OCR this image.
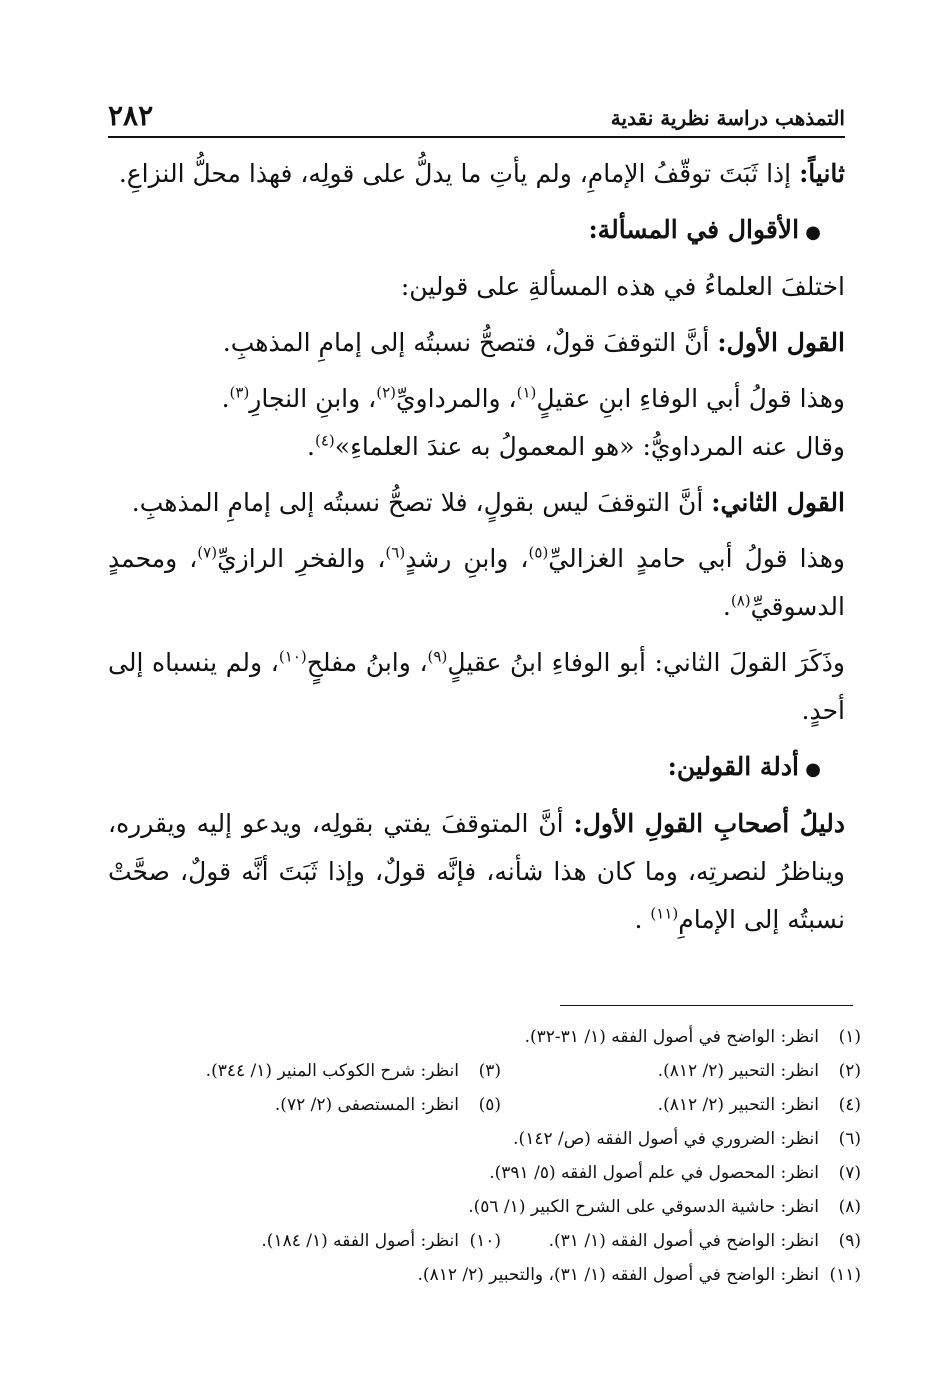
٢٨٢	التمذهب دراسة نظرية نقدية

ثانياً: إذا ثَبَتَ توقّفُ الإمامِ، ولم يأتِ ما يدلُّ على قولِه، فهذا محلُّ النزاعِ.

● الأقوال في المسألة:

اختلفَ العلماءُ في هذه المسألةِ على قولين:

القول الأول: أنَّ التوقفَ قولٌ، فتصحُّ نسبتُه إلى إمامِ المذهبِ.

وهذا قولُ أبي الوفاءِ ابنِ عقيلٍ$^{(١)}$، والمرداويِّ$^{(٢)}$، وابنِ النجارِ$^{(٣)}$.
وقال عنه المرداويُّ: «هو المعمولُ به عندَ العلماءِ»$^{(٤)}$.

القول الثاني: أنَّ التوقفَ ليس بقولٍ، فلا تصحُّ نسبتُه إلى إمامِ المذهبِ.

وهذا قولُ أبي حامدٍ الغزاليِّ$^{(٥)}$، وابنِ رشدٍ$^{(٦)}$، والفخرِ الرازيِّ$^{(٧)}$، ومحمدٍ الدسوقيِّ$^{(٨)}$.

وذَكَرَ القولَ الثاني: أبو الوفاءِ ابنُ عقيلٍ$^{(٩)}$، وابنُ مفلحٍ$^{(١٠)}$، ولم ينسباه إلى أحدٍ.

● أدلة القولين:

دليلُ أصحابِ القولِ الأول: أنَّ المتوقفَ يفتي بقولِه، ويدعو إليه ويقرره، ويناظرُ لنصرتِه، وما كان هذا شأنه، فإنَّه قولٌ، وإذا ثَبَتَ أنَّه قولٌ، صحَّتْ نسبتُه إلى الإمامِ$^{(١١)}$ .

(١)
انظر: الواضح في أصول الفقه (١/ ٣١-٣٢).
(٢)انظر: التحبير (٢/ ٨١٢).
(٣)انظر: شرح الكوكب المنير (١/ ٣٤٤).
(٤)انظر: التحبير (٢/ ٨١٢).
(٥)انظر: المستصفى (٢/ ٧٢).
(٦)
انظر: الضروري في أصول الفقه (ص/ ١٤٢).
(٧)
انظر: المحصول في علم أصول الفقه (٥/ ٣٩١).
(٨)
انظر: حاشية الدسوقي على الشرح الكبير (١/ ٥٦).
(٩)انظر: الواضح في أصول الفقه (١/ ٣١).
(١٠)انظر: أصول الفقه (١/ ١٨٤).
(١١)
انظر: الواضح في أصول الفقه (١/ ٣١)، والتحبير (٢/ ٨١٢).
